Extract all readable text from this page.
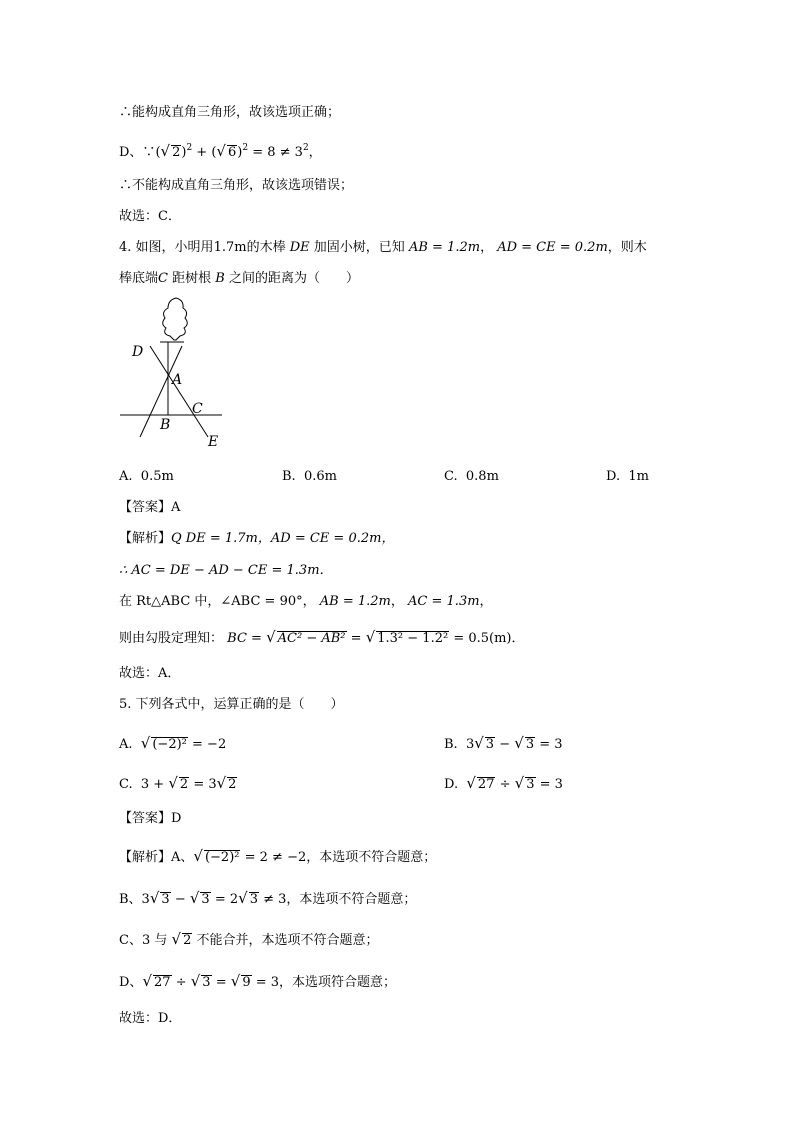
∴能构成直角三角形，故该选项正确；
D、∵(√ 2)$^2$ + (√ $6)^2 = 8 \ne 3^2$，
∴不能构成直角三角形，故该选项错误；
故选：C．
4. 如图，小明用1.7m的木棒 DE 加固小树，已知 AB = 1.2m， AD = CE = 0.2m，则木
棒底端C 距树根 B 之间的距离为（　　）
D
A
C
B
E
A. 0.5m	B. 0.6m	C. 0.8m	D. 1m
【答案】A
【解析】Q DE = 1.7m，AD = CE = 0.2m，
∴ AC = DE − AD − CE = 1.3m．
在 Rt△ABC 中，∠ABC = 90°， AB = 1.2m， AC = 1.3m，
则由勾股定理知： BC = √ AC² − AB² = √ 1.3² − 1.2² = 0.5(m)．
故选：A．
5. 下列各式中，运算正确的是（　　）
A. √ (−2)² = −2	B. 3√ 3 − √ 3 = 3
C. 3 + √ 2 = 3√ 2	D. √ 27 ÷ √ 3 = 3
【答案】D
【解析】A、√ (−2)² = 2 ≠ −2，本选项不符合题意；
B、3√ 3 − √ 3 = 2√ 3 ≠ 3，本选项不符合题意；
C、3 与 √ 2 不能合并，本选项不符合题意；
D、√ 27 ÷ √ 3 = √ 9 = 3，本选项符合题意；
故选：D．
